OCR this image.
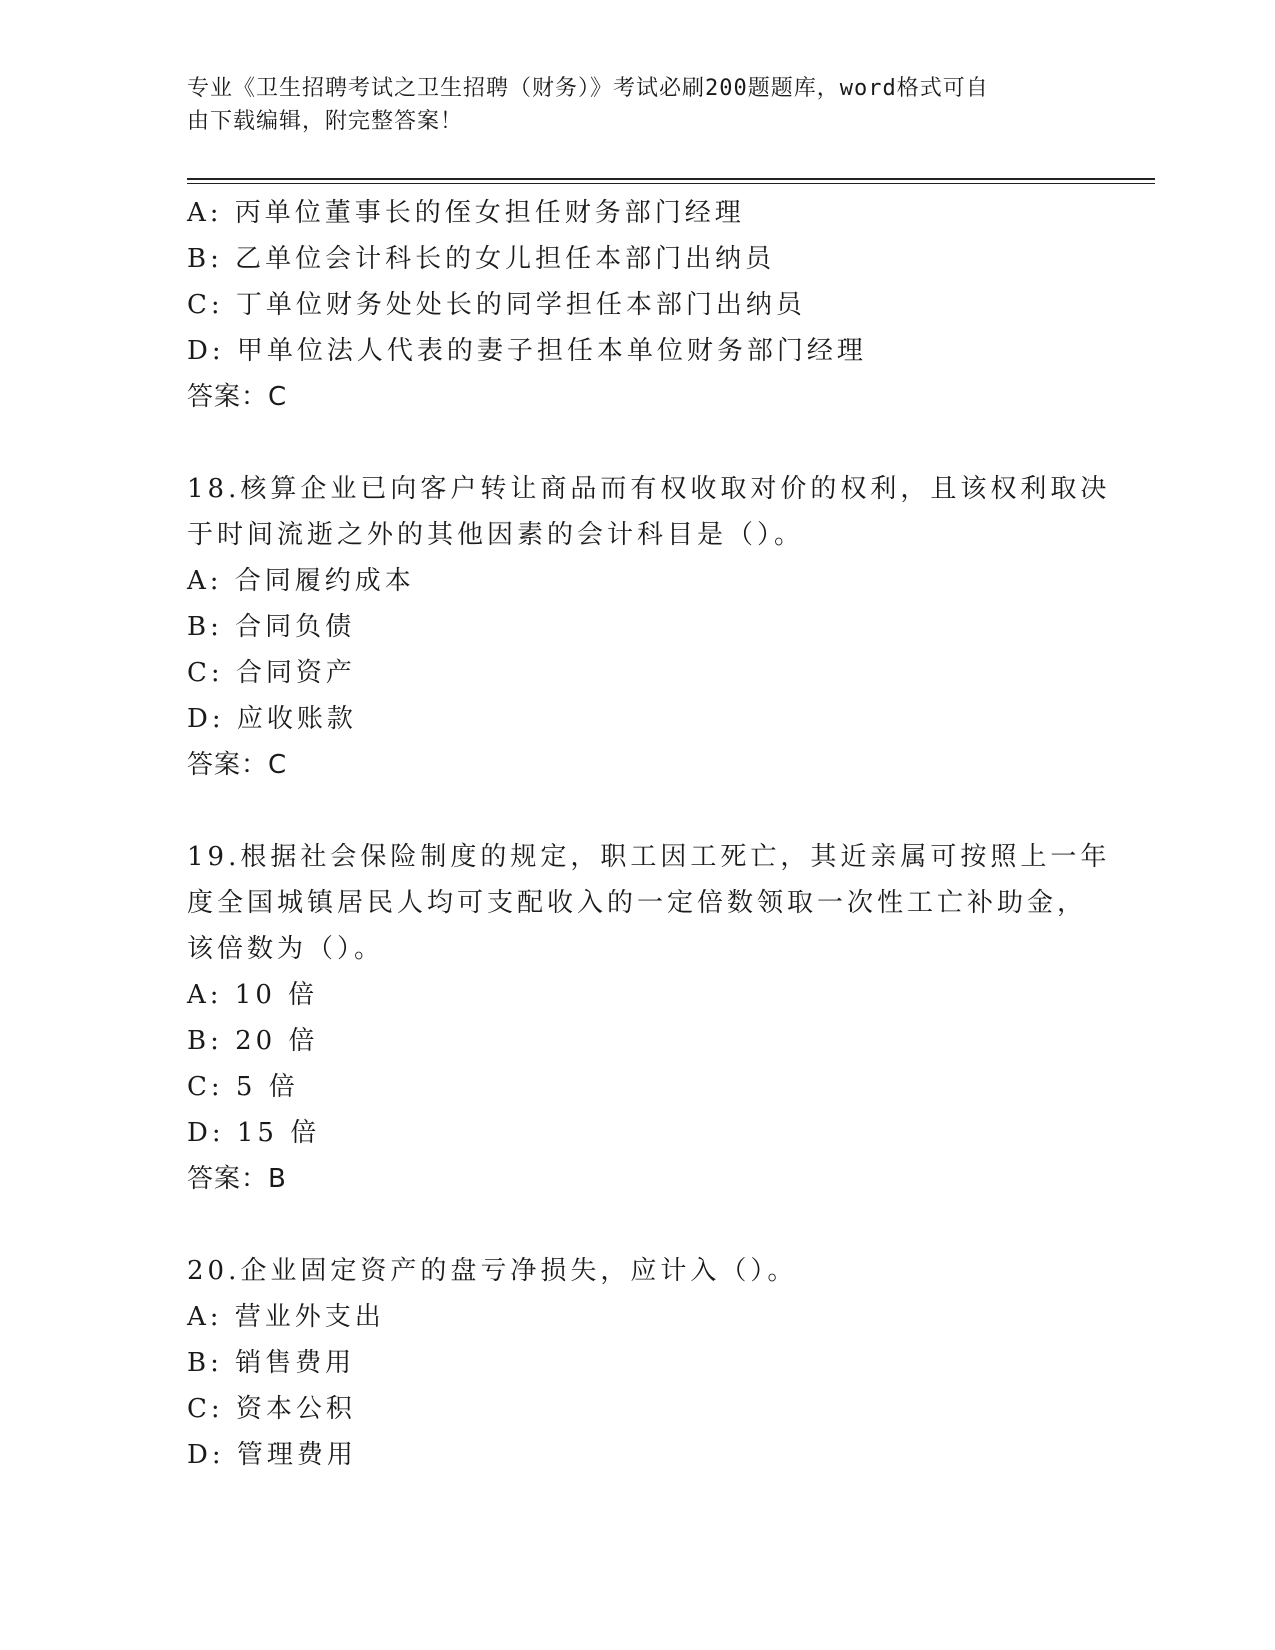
专业《卫生招聘考试之卫生招聘（财务）》考试必刷200题题库，word格式可自
由下载编辑，附完整答案！
A: 丙单位董事长的侄女担任财务部门经理
B: 乙单位会计科长的女儿担任本部门出纳员
C: 丁单位财务处处长的同学担任本部门出纳员
D: 甲单位法人代表的妻子担任本单位财务部门经理
答案：C
18.核算企业已向客户转让商品而有权收取对价的权利，且该权利取决
于时间流逝之外的其他因素的会计科目是（）。
A: 合同履约成本
B: 合同负债
C: 合同资产
D: 应收账款
答案：C
19.根据社会保险制度的规定，职工因工死亡，其近亲属可按照上一年
度全国城镇居民人均可支配收入的一定倍数领取一次性工亡补助金，
该倍数为（）。
A: 10 倍
B: 20 倍
C: 5 倍
D: 15 倍
答案：B
20.企业固定资产的盘亏净损失，应计入（）。
A: 营业外支出
B: 销售费用
C: 资本公积
D: 管理费用
